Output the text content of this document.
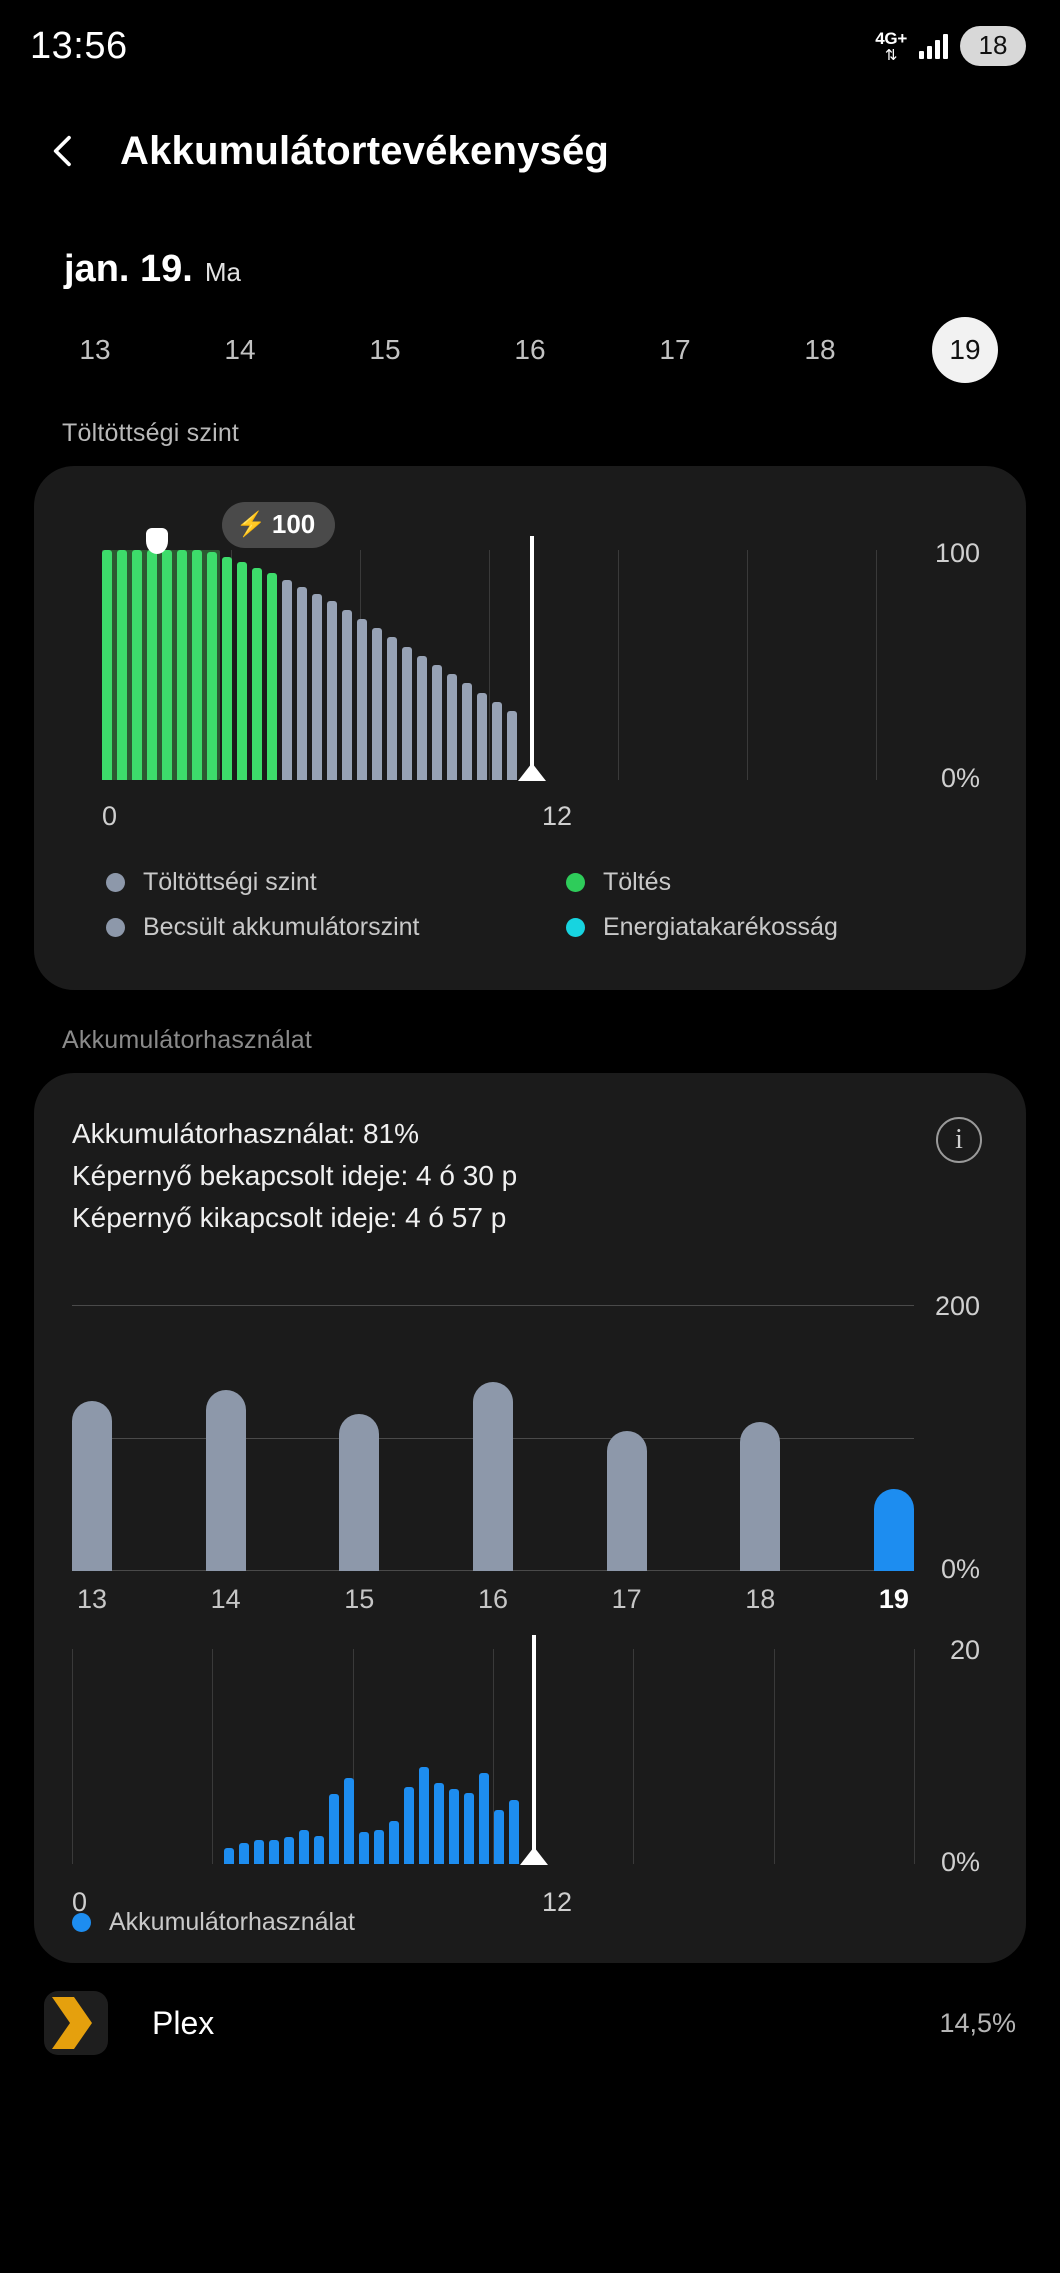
13:56	4G+
⇅	18
Akkumulátortevékenység
jan. 19. Ma
13	14	15	16	17	18	19
Töltöttségi szint
⚡ 100
100
0%
0	12
Töltöttségi szint	Töltés
Becsült akkumulátorszint	Energiatakarékosság
Akkumulátorhasználat
i
Akkumulátorhasználat: 81%
Képernyő bekapcsolt ideje: 4 ó 30 p
Képernyő kikapcsolt ideje: 4 ó 57 p
200
0%
13	14	15	16	17	18	19
20
0%
0	12
Akkumulátorhasználat
Plex	14,5%
